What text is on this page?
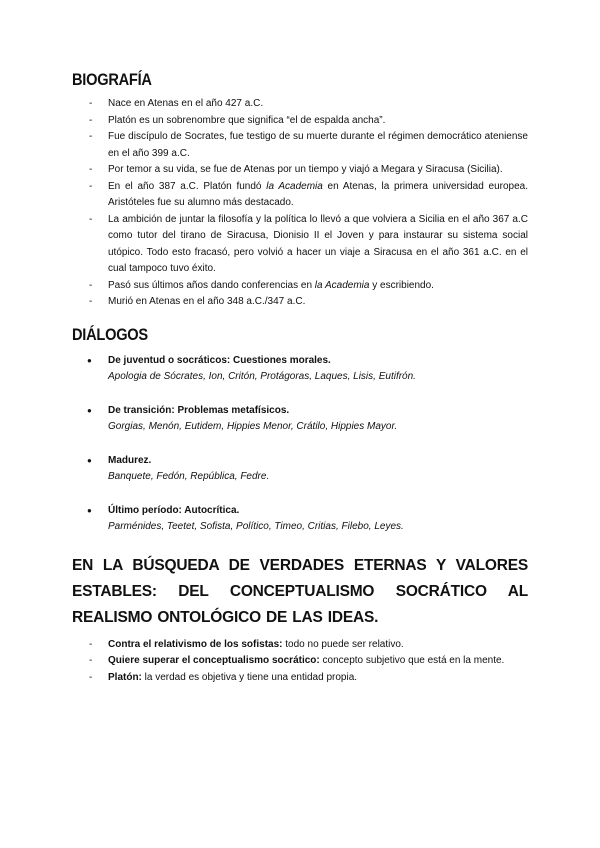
BIOGRAFÍA
- Nace en Atenas en el año 427 a.C.
- Platón es un sobrenombre que significa “el de espalda ancha”.
- Fue discípulo de Socrates, fue testigo de su muerte durante el régimen democrático ateniense en el año 399 a.C.
- Por temor a su vida, se fue de Atenas por un tiempo y viajó a Megara y Siracusa (Sicilia).
- En el año 387 a.C. Platón fundó la Academia en Atenas, la primera universidad europea. Aristóteles fue su alumno más destacado.
- La ambición de juntar la filosofía y la política lo llevó a que volviera a Sicilia en el año 367 a.C como tutor del tirano de Siracusa, Dionisio II el Joven y para instaurar su sistema social utópico. Todo esto fracasó, pero volvió a hacer un viaje a Siracusa en el año 361 a.C. en el cual tampoco tuvo éxito.
- Pasó sus últimos años dando conferencias en la Academia y escribiendo.
- Murió en Atenas en el año 348 a.C./347 a.C.
DIÁLOGOS
● De juventud o socráticos: Cuestiones morales.
Apologia de Sócrates, Ion, Critón, Protágoras, Laques, Lisis, Eutifrón.
● De transición: Problemas metafísicos.
Gorgias, Menón, Eutidem, Hippies Menor, Crátilo, Hippies Mayor.
● Madurez.
Banquete, Fedón, República, Fedre.
● Último período: Autocrítica.
Parménides, Teetet, Sofista, Político, Timeo, Critias, Filebo, Leyes.
EN LA BÚSQUEDA DE VERDADES ETERNAS Y VALORES ESTABLES: DEL CONCEPTUALISMO SOCRÁTICO AL REALISMO ONTOLÓGICO DE LAS IDEAS.
- Contra el relativismo de los sofistas: todo no puede ser relativo.
- Quiere superar el conceptualismo socrático: concepto subjetivo que está en la mente.
- Platón: la verdad es objetiva y tiene una entidad propia.
